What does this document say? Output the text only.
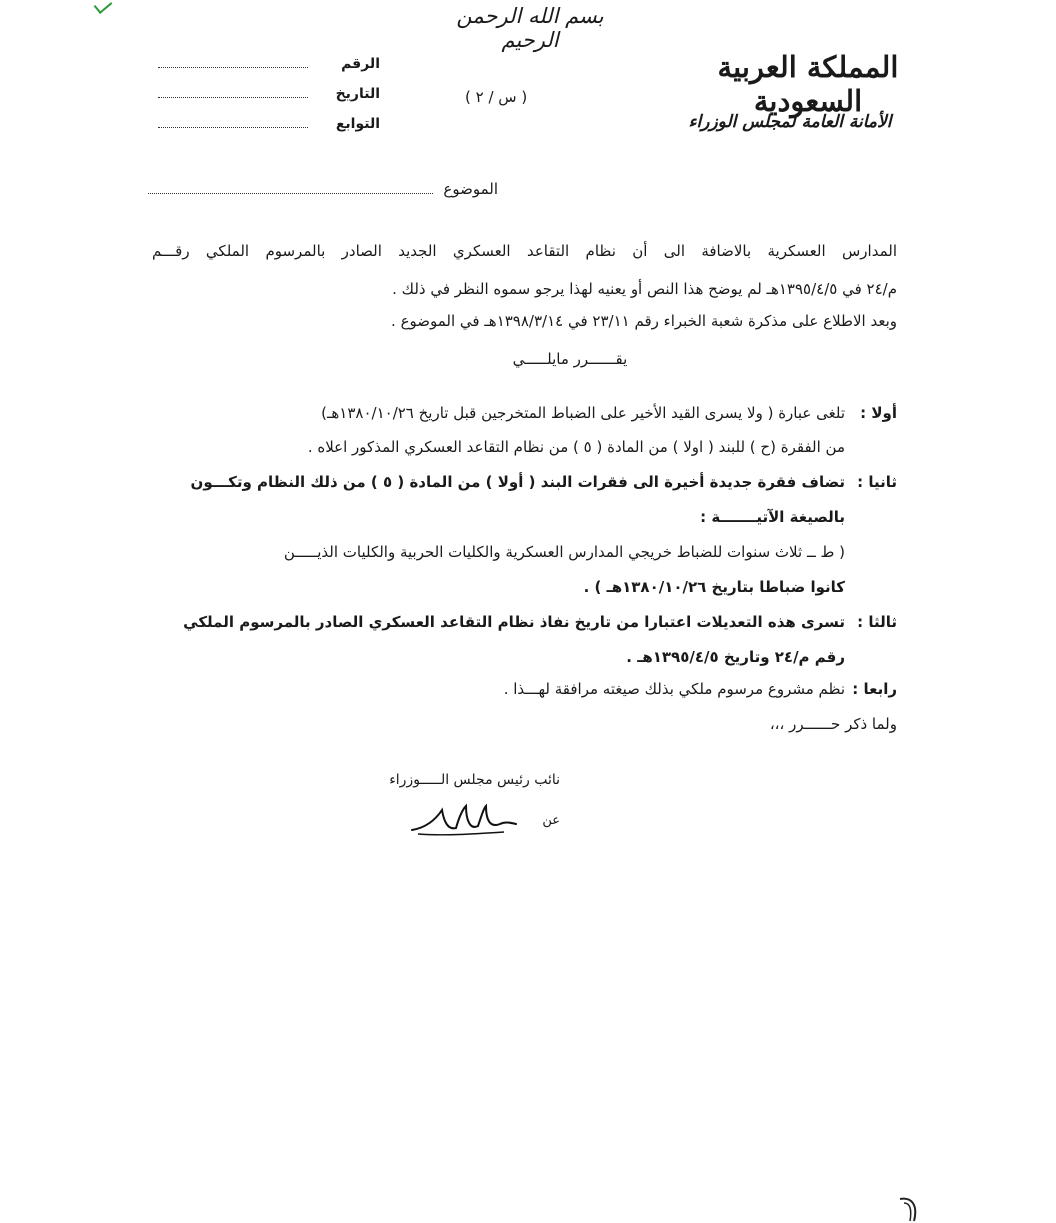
بسم الله الرحمن الرحيم
المملكة العربية السعودية
الأمانة العامة لمجلس الوزراء
( س / ٢ )
الرقم
التاريخ
التوابع
الموضوع
المدارس العسكرية بالاضافة الى أن نظام التقاعد العسكري الجديد الصادر بالمرسوم الملكي رقـــم
م/٢٤ في ١٣٩٥/٤/٥هـ لم يوضح هذا النص أو يعنيه لهذا يرجو سموه النظر في ذلك .
وبعد الاطلاع على مذكرة شعبة الخبراء رقم ٢٣/١١ في ١٣٩٨/٣/١٤هـ في الموضوع .
أولا :
تلغى عبارة ( ولا يسرى القيد الأخير على الضباط المتخرجين قبل تاريخ ١٣٨٠/١٠/٢٦هـ)
من الفقرة (ح ) للبند ( اولا ) من المادة ( ٥ ) من نظام التقاعد العسكري المذكور اعلاه .
ثانيا :
تضاف فقرة جديدة أخيرة الى فقرات البند ( أولا ) من المادة ( ٥ ) من ذلك النظام وتكـــون
بالصيغة الآتيـــــــة :
( ط ــ ثلاث سنوات للضباط خريجي المدارس العسكرية والكليات الحربية والكليات الذيـــــن
كانوا ضباطا بتاريخ ١٣٨٠/١٠/٢٦هـ ) .
ثالثا :
تسرى هذه التعديلات اعتبارا من تاريخ نفاذ نظام التقاعد العسكري الصادر بالمرسوم الملكي
رقم م/٢٤ وتاريخ ١٣٩٥/٤/٥هـ .
رابعا :
نظم مشروع مرسوم ملكي بذلك صيغته مرافقة لهـــذا .
ولما ذكر حــــــرر ،،،
يقــــــرر مايلـــــي
نائب رئيس مجلس الـــــوزراء
عن
